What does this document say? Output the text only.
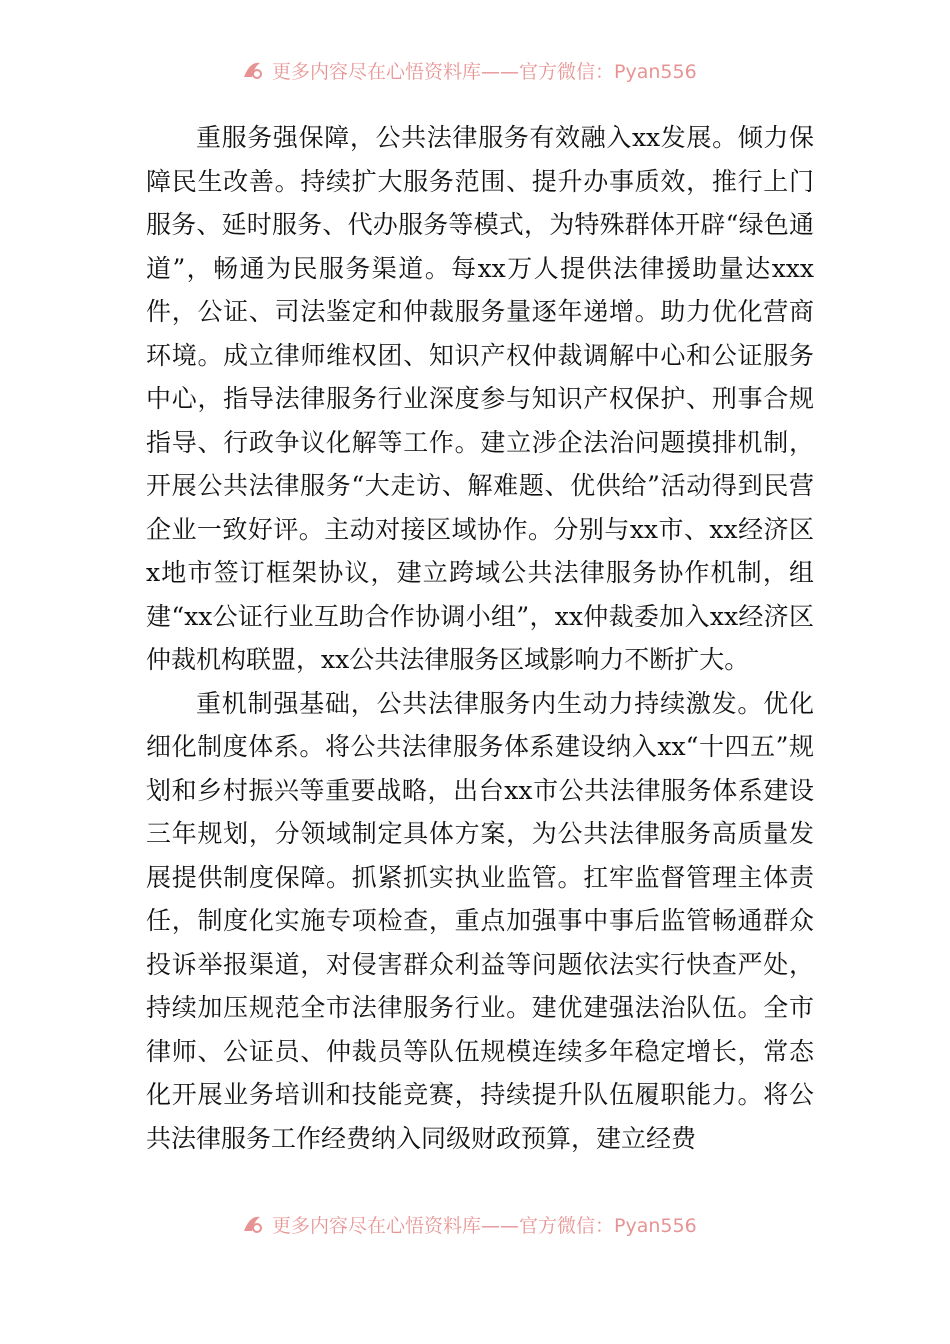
更多内容尽在心悟资料库——官方微信：Pyan556

重服务强保障，公共法律服务有效融入xx发展。倾力保障民生改善。持续扩大服务范围、提升办事质效，推行上门服务、延时服务、代办服务等模式，为特殊群体开辟“绿色通道”，畅通为民服务渠道。每xx万人提供法律援助量达xxx件，公证、司法鉴定和仲裁服务量逐年递增。助力优化营商环境。成立律师维权团、知识产权仲裁调解中心和公证服务中心，指导法律服务行业深度参与知识产权保护、刑事合规指导、行政争议化解等工作。建立涉企法治问题摸排机制，开展公共法律服务“大走访、解难题、优供给”活动得到民营企业一致好评。主动对接区域协作。分别与xx市、xx经济区x地市签订框架协议，建立跨域公共法律服务协作机制，组建“xx公证行业互助合作协调小组”，xx仲裁委加入xx经济区仲裁机构联盟，xx公共法律服务区域影响力不断扩大。

重机制强基础，公共法律服务内生动力持续激发。优化细化制度体系。将公共法律服务体系建设纳入xx“十四五”规划和乡村振兴等重要战略，出台xx市公共法律服务体系建设三年规划，分领域制定具体方案，为公共法律服务高质量发展提供制度保障。抓紧抓实执业监管。扛牢监督管理主体责任，制度化实施专项检查，重点加强事中事后监管畅通群众投诉举报渠道，对侵害群众利益等问题依法实行快查严处，持续加压规范全市法律服务行业。建优建强法治队伍。全市律师、公证员、仲裁员等队伍规模连续多年稳定增长，常态化开展业务培训和技能竞赛，持续提升队伍履职能力。将公共法律服务工作经费纳入同级财政预算，建立经费

更多内容尽在心悟资料库——官方微信：Pyan556
